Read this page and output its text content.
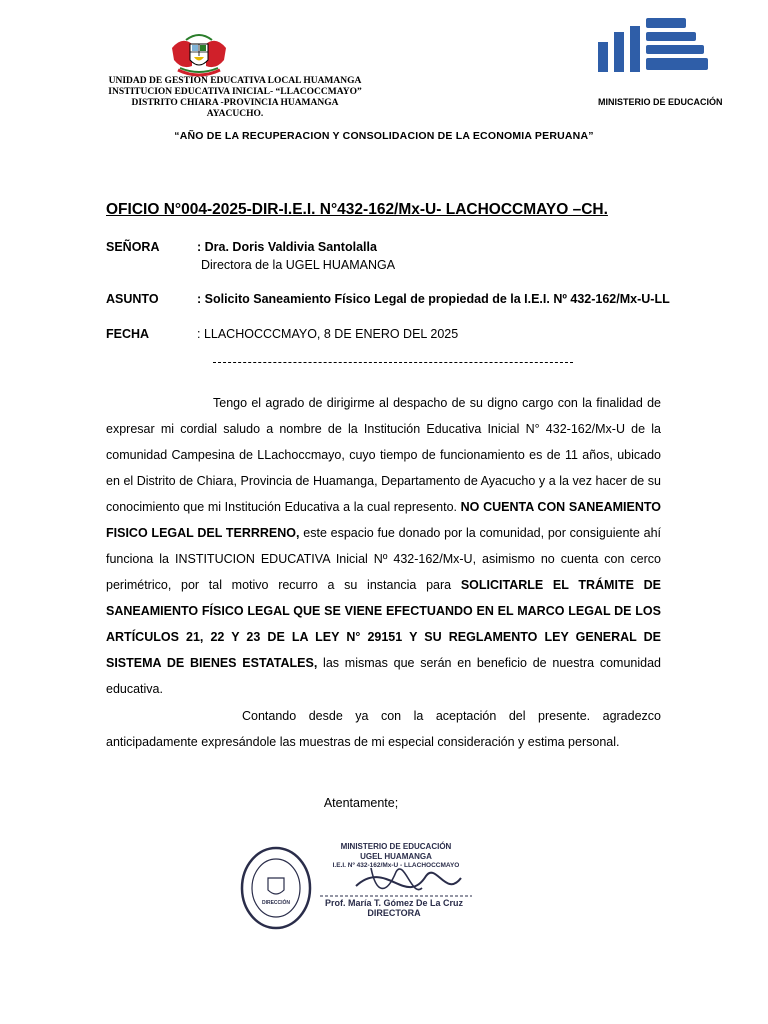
UNIDAD DE GESTION EDUCATIVA LOCAL HUAMANGA
INSTITUCION EDUCATIVA INICIAL- “LLACOCCMAYO”
DISTRITO CHIARA -PROVINCIA HUAMANGA
AYACUCHO.
MINISTERIO DE EDUCACIÓN
“AÑO DE LA RECUPERACION Y CONSOLIDACION DE LA ECONOMIA PERUANA”
OFICIO N°004-2025-DIR-I.E.I. N°432-162/Mx-U- LACHOCCMAYO –CH.
SEÑORA	: Dra. Doris Valdivia Santolalla
Directora de la UGEL HUAMANGA
ASUNTO	: Solicito Saneamiento Físico Legal de propiedad de la I.E.I. Nº 432-162/Mx-U-LL
FECHA	: LLACHOCCCMAYO, 8 DE ENERO DEL 2025
Tengo el agrado de dirigirme al despacho de su digno cargo con la finalidad de expresar mi cordial saludo a nombre de la Institución Educativa Inicial N° 432-162/Mx-U de la comunidad Campesina de LLachoccmayo, cuyo tiempo de funcionamiento es de 11 años, ubicado en el Distrito de Chiara, Provincia de Huamanga, Departamento de Ayacucho y a la vez hacer de su conocimiento que mi Institución Educativa a la cual represento. NO CUENTA CON SANEAMIENTO FISICO LEGAL DEL TERRRENO, este espacio fue donado por la comunidad, por consiguiente ahí funciona la INSTITUCION EDUCATIVA Inicial Nº 432-162/Mx-U, asimismo no cuenta con cerco perimétrico, por tal motivo recurro a su instancia para SOLICITARLE EL TRÁMITE DE SANEAMIENTO FÍSICO LEGAL QUE SE VIENE EFECTUANDO EN EL MARCO LEGAL DE LOS ARTÍCULOS 21, 22 Y 23 DE LA LEY N° 29151 Y SU REGLAMENTO LEY GENERAL DE SISTEMA DE BIENES ESTATALES, las mismas que serán en beneficio de nuestra comunidad educativa.
Contando desde ya con la aceptación del presente. agradezco anticipadamente expresándole las muestras de mi especial consideración y estima personal.
Atentamente;
DIRECCIÓN
MINISTERIO DE EDUCACIÓN
UGEL HUAMANGA
I.E.I. Nº 432-162/Mx-U - LLACHOCCMAYO
Prof. María T. Gómez De La Cruz
DIRECTORA
